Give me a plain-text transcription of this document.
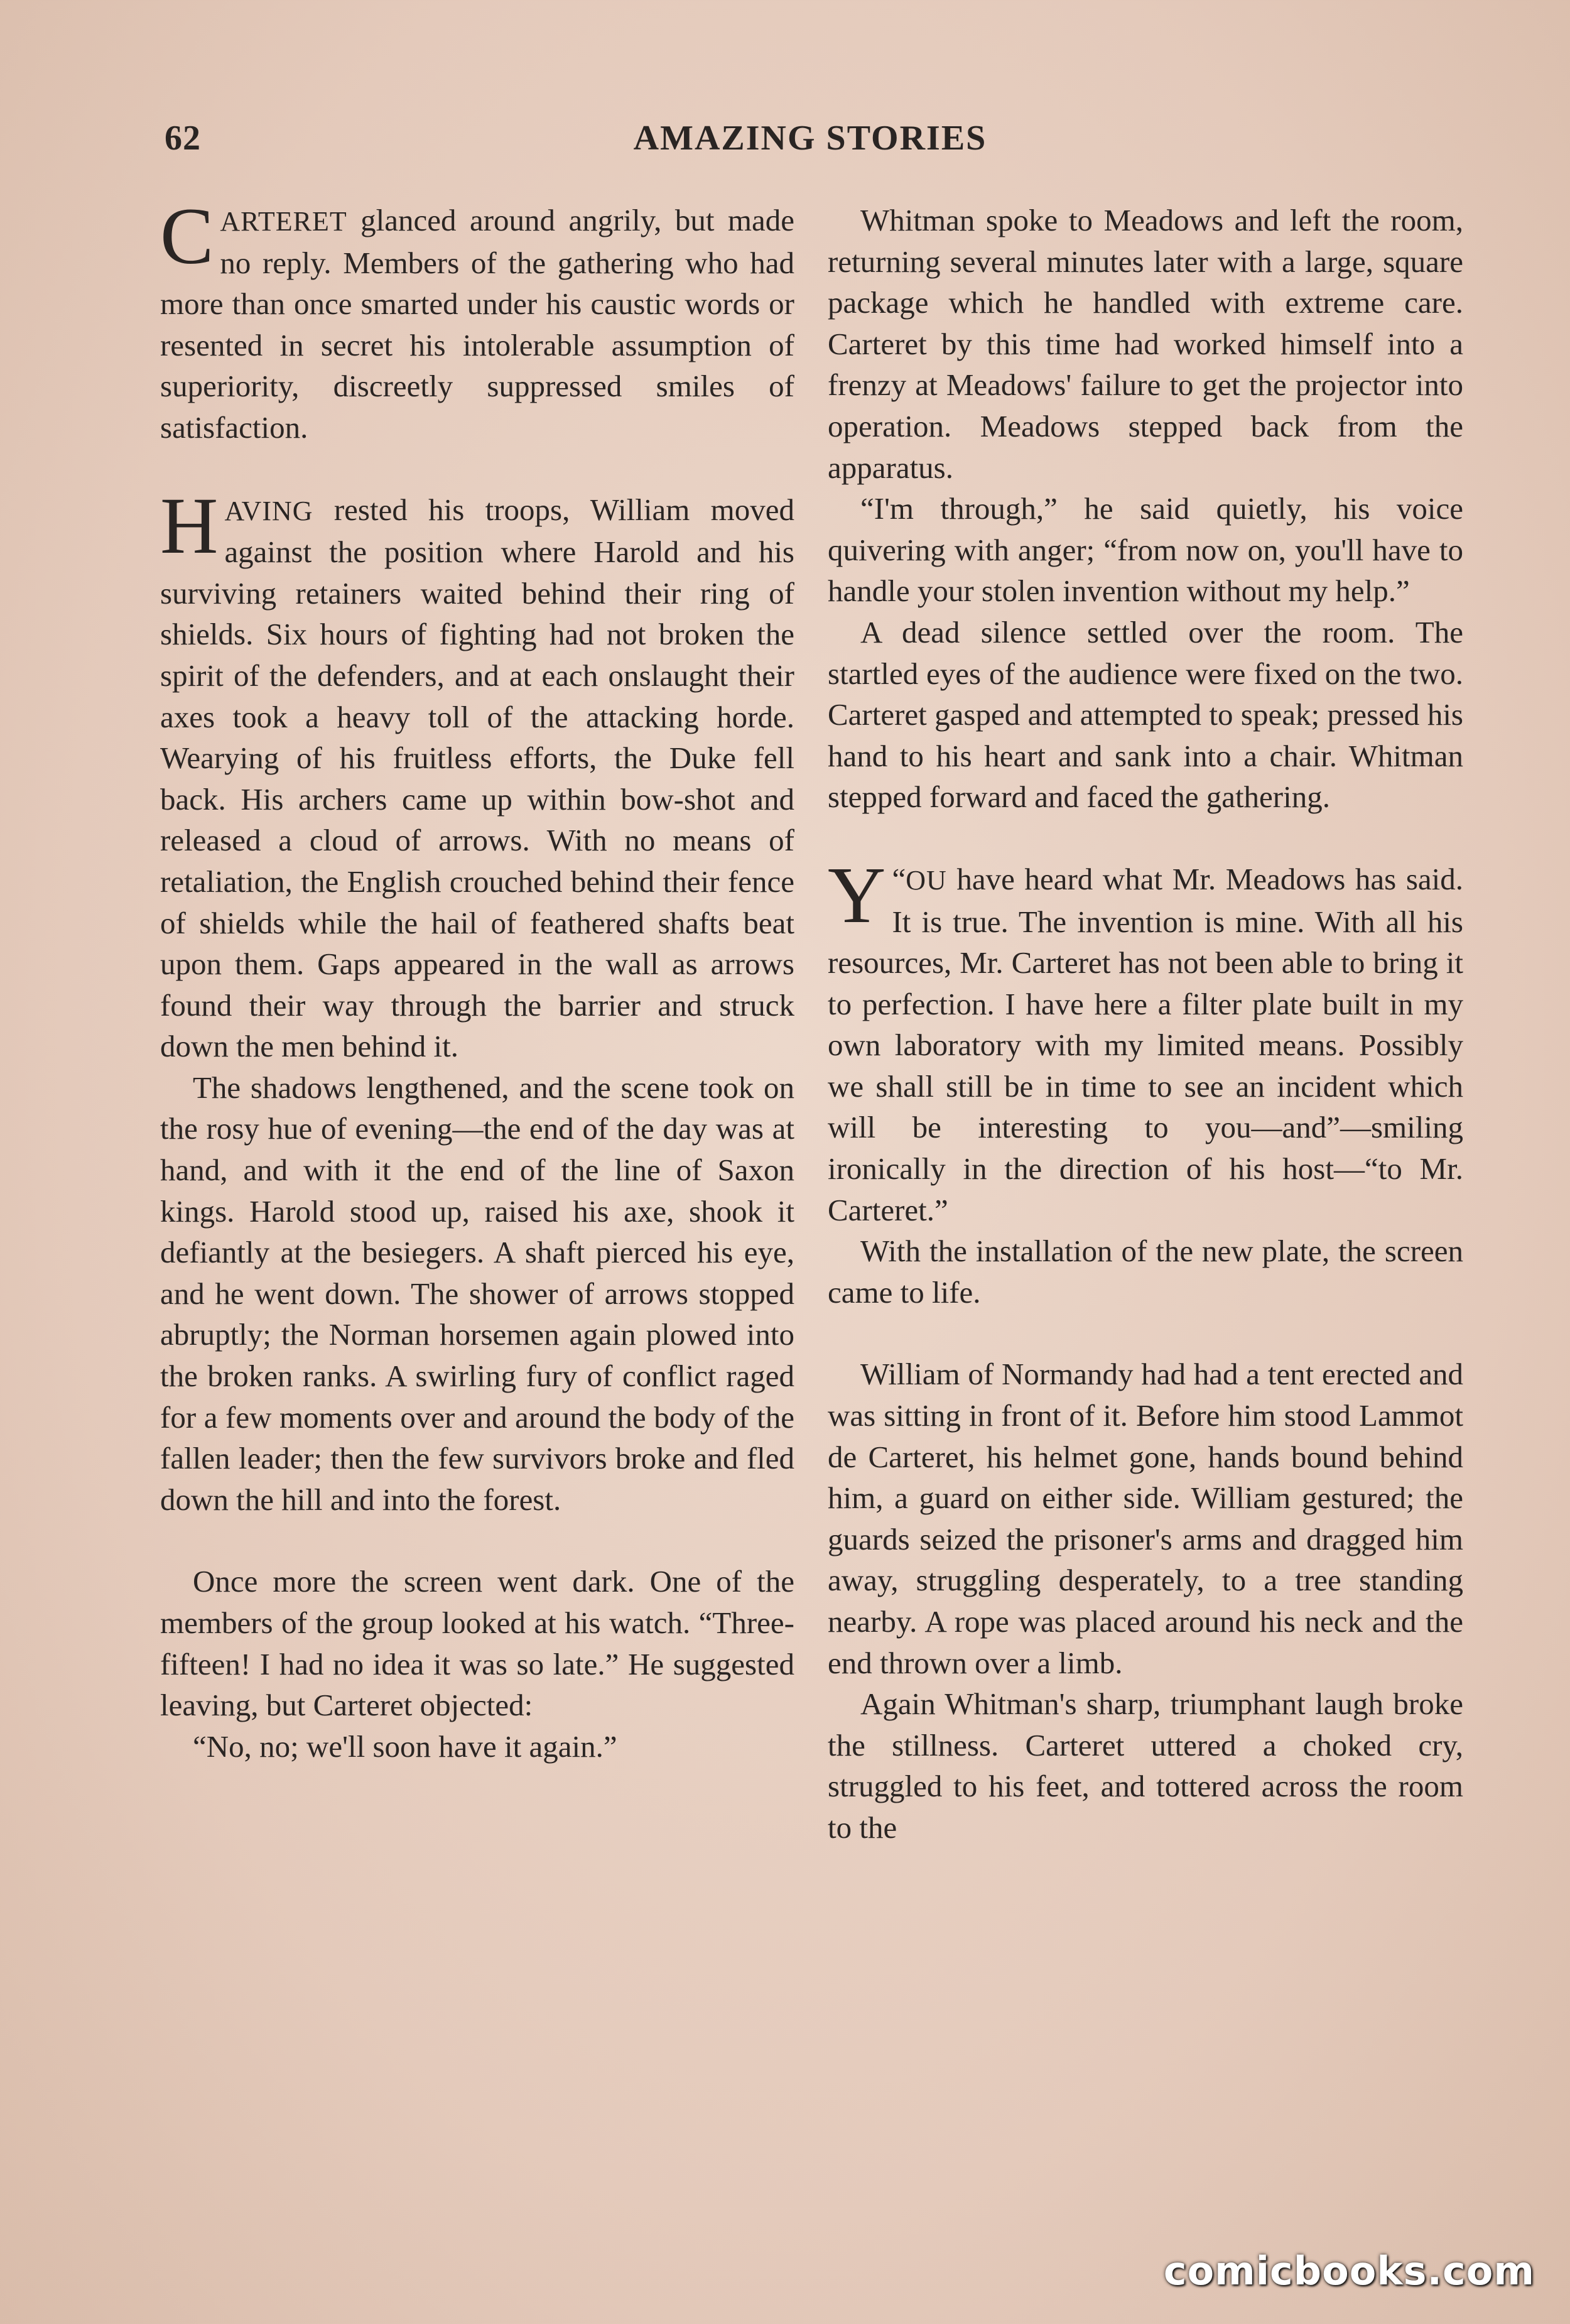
62	AMAZING STORIES

CARTERET glanced around angrily, but made no reply. Members of the gathering who had more than once smarted under his caustic words or resented in secret his intolerable assumption of superiority, discreetly suppressed smiles of satisfaction.

HAVING rested his troops, William moved against the position where Harold and his surviving retainers waited behind their ring of shields. Six hours of fighting had not broken the spirit of the defenders, and at each onslaught their axes took a heavy toll of the attacking horde. Wearying of his fruitless efforts, the Duke fell back. His archers came up within bow-shot and released a cloud of arrows. With no means of retaliation, the English crouched behind their fence of shields while the hail of feathered shafts beat upon them. Gaps appeared in the wall as arrows found their way through the barrier and struck down the men behind it.

The shadows lengthened, and the scene took on the rosy hue of evening—the end of the day was at hand, and with it the end of the line of Saxon kings. Harold stood up, raised his axe, shook it defiantly at the besiegers. A shaft pierced his eye, and he went down. The shower of arrows stopped abruptly; the Norman horsemen again plowed into the broken ranks. A swirling fury of conflict raged for a few moments over and around the body of the fallen leader; then the few survivors broke and fled down the hill and into the forest.

Once more the screen went dark. One of the members of the group looked at his watch. “Three-fifteen! I had no idea it was so late.” He suggested leaving, but Carteret objected:

“No, no; we'll soon have it again.”

Whitman spoke to Meadows and left the room, returning several minutes later with a large, square package which he handled with extreme care. Carteret by this time had worked himself into a frenzy at Meadows' failure to get the projector into operation. Meadows stepped back from the apparatus.

“I'm through,” he said quietly, his voice quivering with anger; “from now on, you'll have to handle your stolen invention without my help.”

A dead silence settled over the room. The startled eyes of the audience were fixed on the two. Carteret gasped and attempted to speak; pressed his hand to his heart and sank into a chair. Whitman stepped forward and faced the gathering.

“
Y OU have heard what Mr. Meadows has said. It is true. The invention is mine. With all his resources, Mr. Carteret has not been able to bring it to perfection. I have here a filter plate built in my own laboratory with my limited means. Possibly we shall still be in time to see an incident which will be interesting to you—and”—smiling ironically in the direction of his host—“to Mr. Carteret.”

With the installation of the new plate, the screen came to life.

William of Normandy had had a tent erected and was sitting in front of it. Before him stood Lammot de Carteret, his helmet gone, hands bound behind him, a guard on either side. William gestured; the guards seized the prisoner's arms and dragged him away, struggling desperately, to a tree standing nearby. A rope was placed around his neck and the end thrown over a limb.

Again Whitman's sharp, triumphant laugh broke the stillness. Carteret uttered a choked cry, struggled to his feet, and tottered across the room to the

comicbooks.com
